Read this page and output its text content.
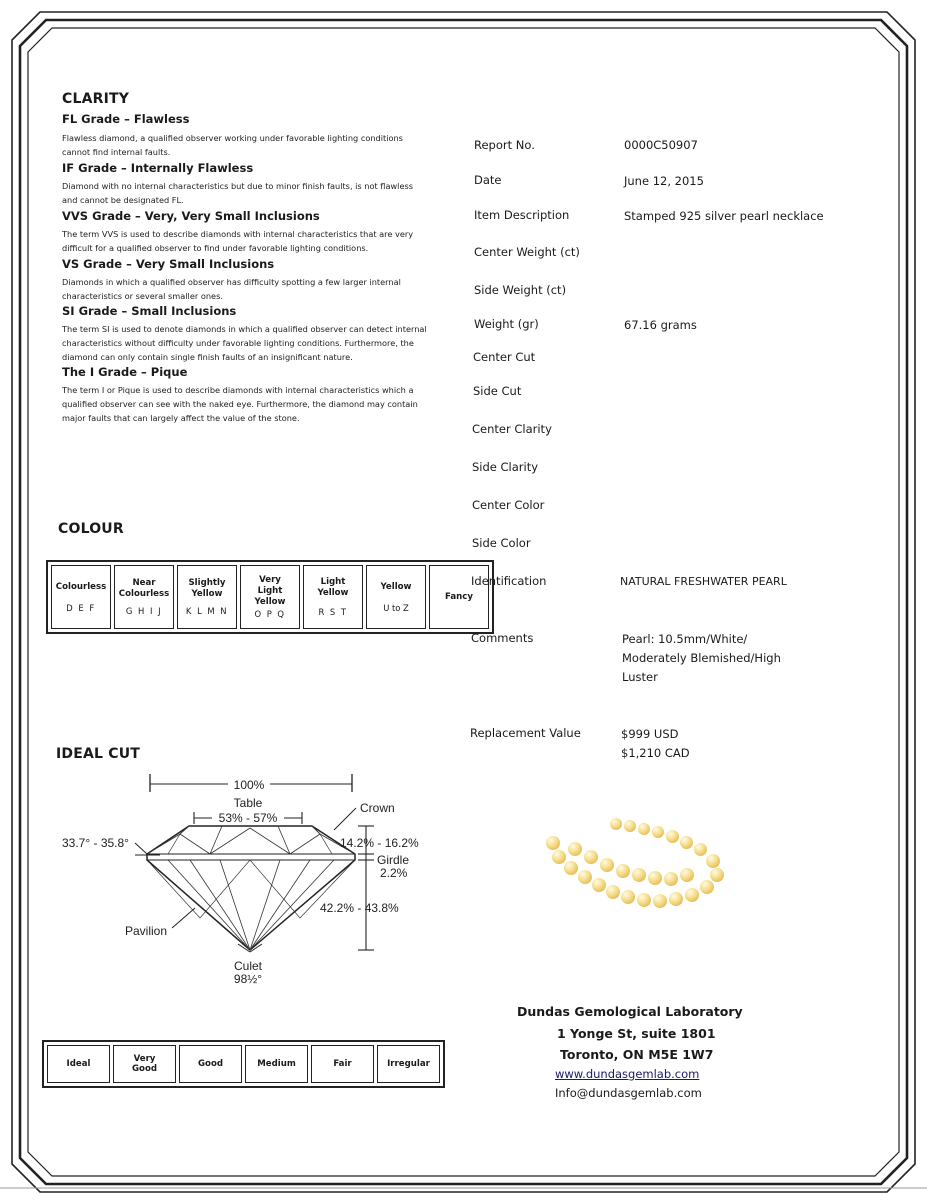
CLARITY
FL Grade – Flawless
Flawless diamond, a qualified observer working under favorable lighting conditions
cannot find internal faults.
IF Grade – Internally Flawless
Diamond with no internal characteristics but due to minor finish faults, is not flawless
and cannot be designated FL.
VVS Grade – Very, Very Small Inclusions
The term VVS is used to describe diamonds with internal characteristics that are very
difficult for a qualified observer to find under favorable lighting conditions.
VS Grade – Very Small Inclusions
Diamonds in which a qualified observer has difficulty spotting a few larger internal
characteristics or several smaller ones.
SI Grade – Small Inclusions
The term SI is used to denote diamonds in which a qualified observer can detect internal
characteristics without difficulty under favorable lighting conditions. Furthermore, the
diamond can only contain single finish faults of an insignificant nature.
The I Grade – Pique
The term I or Pique is used to describe diamonds with internal characteristics which a
qualified observer can see with the naked eye. Furthermore, the diamond may contain
major faults that can largely affect the value of the stone.
COLOUR
Colourless
D E F

Near
Colourless
G H I J

Slightly
Yellow
K L M N

Very
Light
Yellow
O P Q

Light
Yellow
R S T

Yellow
U to Z

Fancy
IDEAL CUT
100%
Table
53% - 57%
Crown
33.7° - 35.8°	14.2% - 16.2%
Girdle
2.2%
42.2% - 43.8%
Pavilion
Culet
98½°
Ideal	Very
Good	Good	Medium	Fair	Irregular
Report No.	0000C50907
Date	June 12, 2015
Item Description	Stamped 925 silver pearl necklace
Center Weight (ct)
Side Weight (ct)
Weight (gr)	67.16 grams
Center Cut
Side Cut
Center Clarity
Side Clarity
Center Color
Side Color
Identification	NATURAL FRESHWATER PEARL
Comments	Pearl: 10.5mm/White/
Moderately Blemished/High
Luster
Replacement Value	$999 USD
$1,210 CAD
Dundas Gemological Laboratory
1 Yonge St, suite 1801
Toronto, ON M5E 1W7
www.dundasgemlab.com
Info@dundasgemlab.com
